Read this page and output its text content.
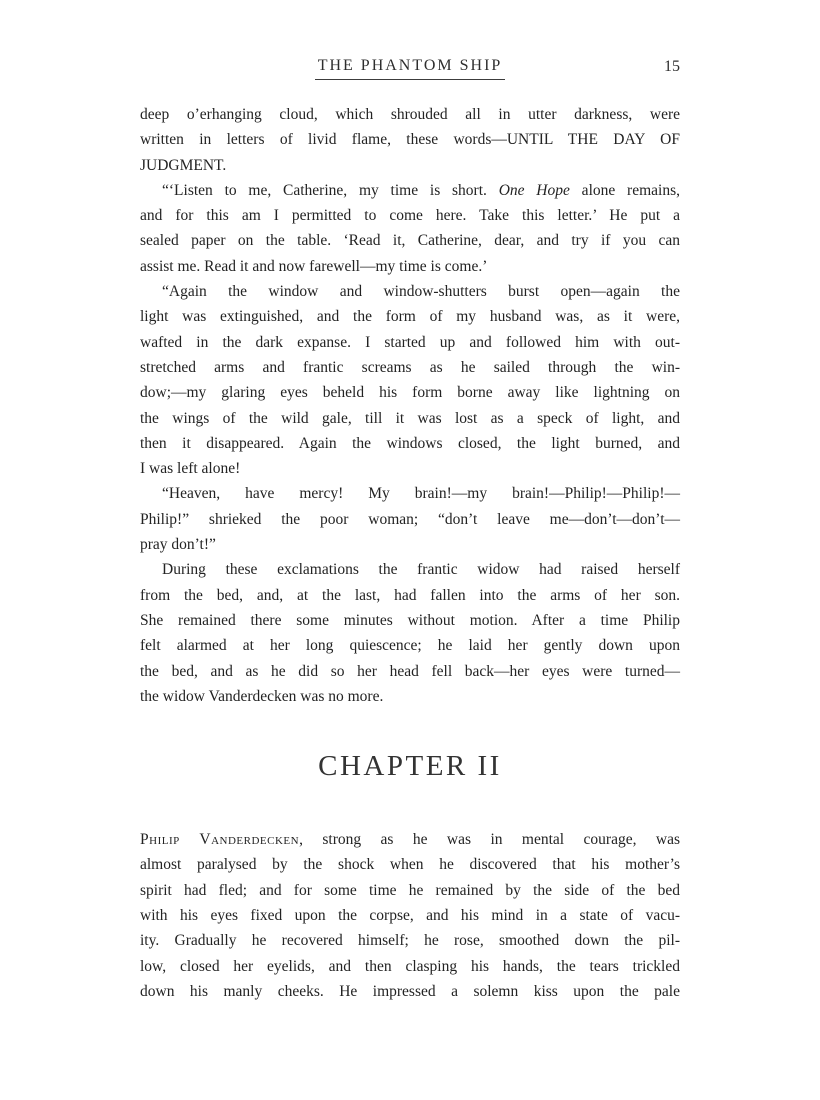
THE PHANTOM SHIP	15
deep o’erhanging cloud, which shrouded all in utter darkness, were
written in letters of livid flame, these words—UNTIL THE DAY OF
JUDGMENT.
“‘Listen to me, Catherine, my time is short. One Hope alone remains,
and for this am I permitted to come here. Take this letter.’ He put a
sealed paper on the table. ‘Read it, Catherine, dear, and try if you can
assist me. Read it and now farewell—my time is come.’
“Again the window and window-shutters burst open—again the
light was extinguished, and the form of my husband was, as it were,
wafted in the dark expanse. I started up and followed him with out-
stretched arms and frantic screams as he sailed through the win-
dow;—my glaring eyes beheld his form borne away like lightning on
the wings of the wild gale, till it was lost as a speck of light, and
then it disappeared. Again the windows closed, the light burned, and
I was left alone!
“Heaven, have mercy! My brain!—my brain!—Philip!—Philip!—
Philip!” shrieked the poor woman; “don’t leave me—don’t—don’t—
pray don’t!”
During these exclamations the frantic widow had raised herself
from the bed, and, at the last, had fallen into the arms of her son.
She remained there some minutes without motion. After a time Philip
felt alarmed at her long quiescence; he laid her gently down upon
the bed, and as he did so her head fell back—her eyes were turned—
the widow Vanderdecken was no more.
CHAPTER II
Philip Vanderdecken, strong as he was in mental courage, was
almost paralysed by the shock when he discovered that his mother’s
spirit had fled; and for some time he remained by the side of the bed
with his eyes fixed upon the corpse, and his mind in a state of vacu-
ity. Gradually he recovered himself; he rose, smoothed down the pil-
low, closed her eyelids, and then clasping his hands, the tears trickled
down his manly cheeks. He impressed a solemn kiss upon the pale
